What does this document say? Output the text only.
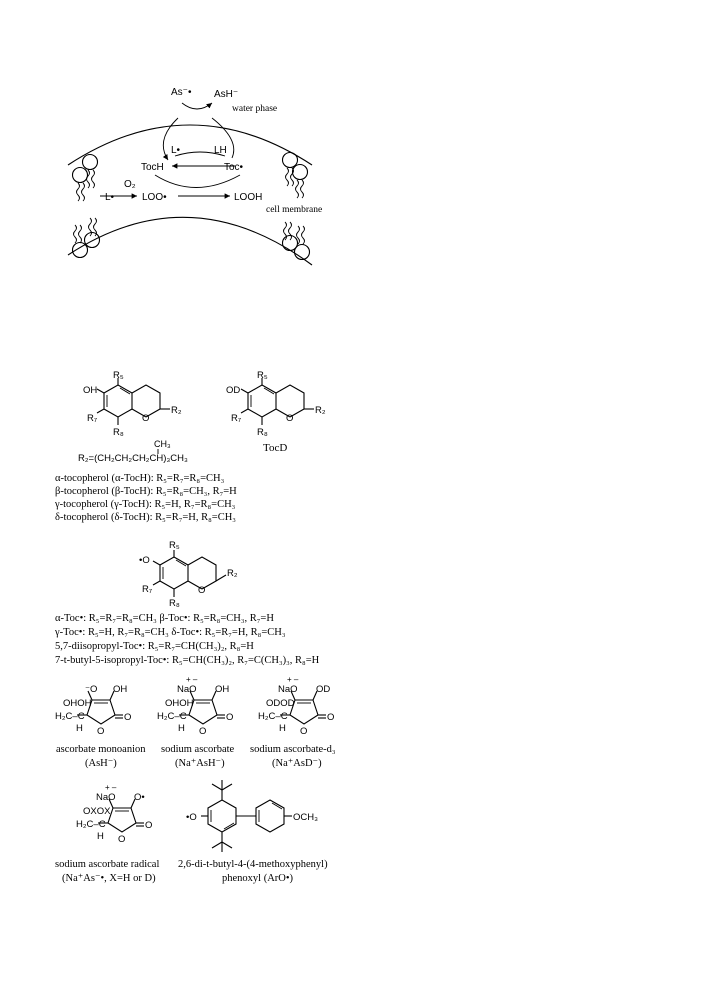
As⁻• AsH⁻
water phase
L•	LH
TocH	Toc•
O₂
L•	LOO•	LOOH
cell membrane
OH
R₅
R₇
R₈
R₂
O
CH₃
R₂=(CH₂CH₂CH₂CH)₃CH₃
OD
R₅
R₇
R₈
R₂
O
TocD
α-tocopherol (α-TocH): R₅=R₇=R₈=CH₃
β-tocopherol (β-TocH): R₅=R₈=CH₃, R₇=H
γ-tocopherol (γ-TocH): R₅=H, R₇=R₈=CH₃
δ-tocopherol (δ-TocH): R₅=R₇=H, R₈=CH₃
•O
R₅
R₇
R₈
R₂
O
α-Toc•: R₅=R₇=R₈=CH₃ β-Toc•: R₅=R₈=CH₃, R₇=H
γ-Toc•: R₅=H, R₇=R₈=CH₃ δ-Toc•: R₅=R₇=H, R₈=CH₃
5,7-diisopropyl-Toc•: R₅=R₇=CH(CH₃)₂, R₈=H
7-t-butyl-5-isopropyl-Toc•: R₅=CH(CH₃)₂, R₇=C(CH₃)₃, R₈=H
⁻O OH
OHOH
H₂C–C
H O
O
ascorbate monoanion
(AsH⁻)
+ –
NaO OH
OHOH
H₂C–C
H O
O
sodium ascorbate
(Na⁺AsH⁻)
+ –
NaO OD
ODOD
H₂C–C
H O
O
sodium ascorbate-d₃
(Na⁺AsD⁻)
+ –
NaO O•
OXOX
H₂C–C
H O
O
sodium ascorbate radical
(Na⁺As⁻•, X=H or D)
•O	OCH₃
2,6-di-t-butyl-4-(4-methoxyphenyl)
phenoxyl (ArO•)
